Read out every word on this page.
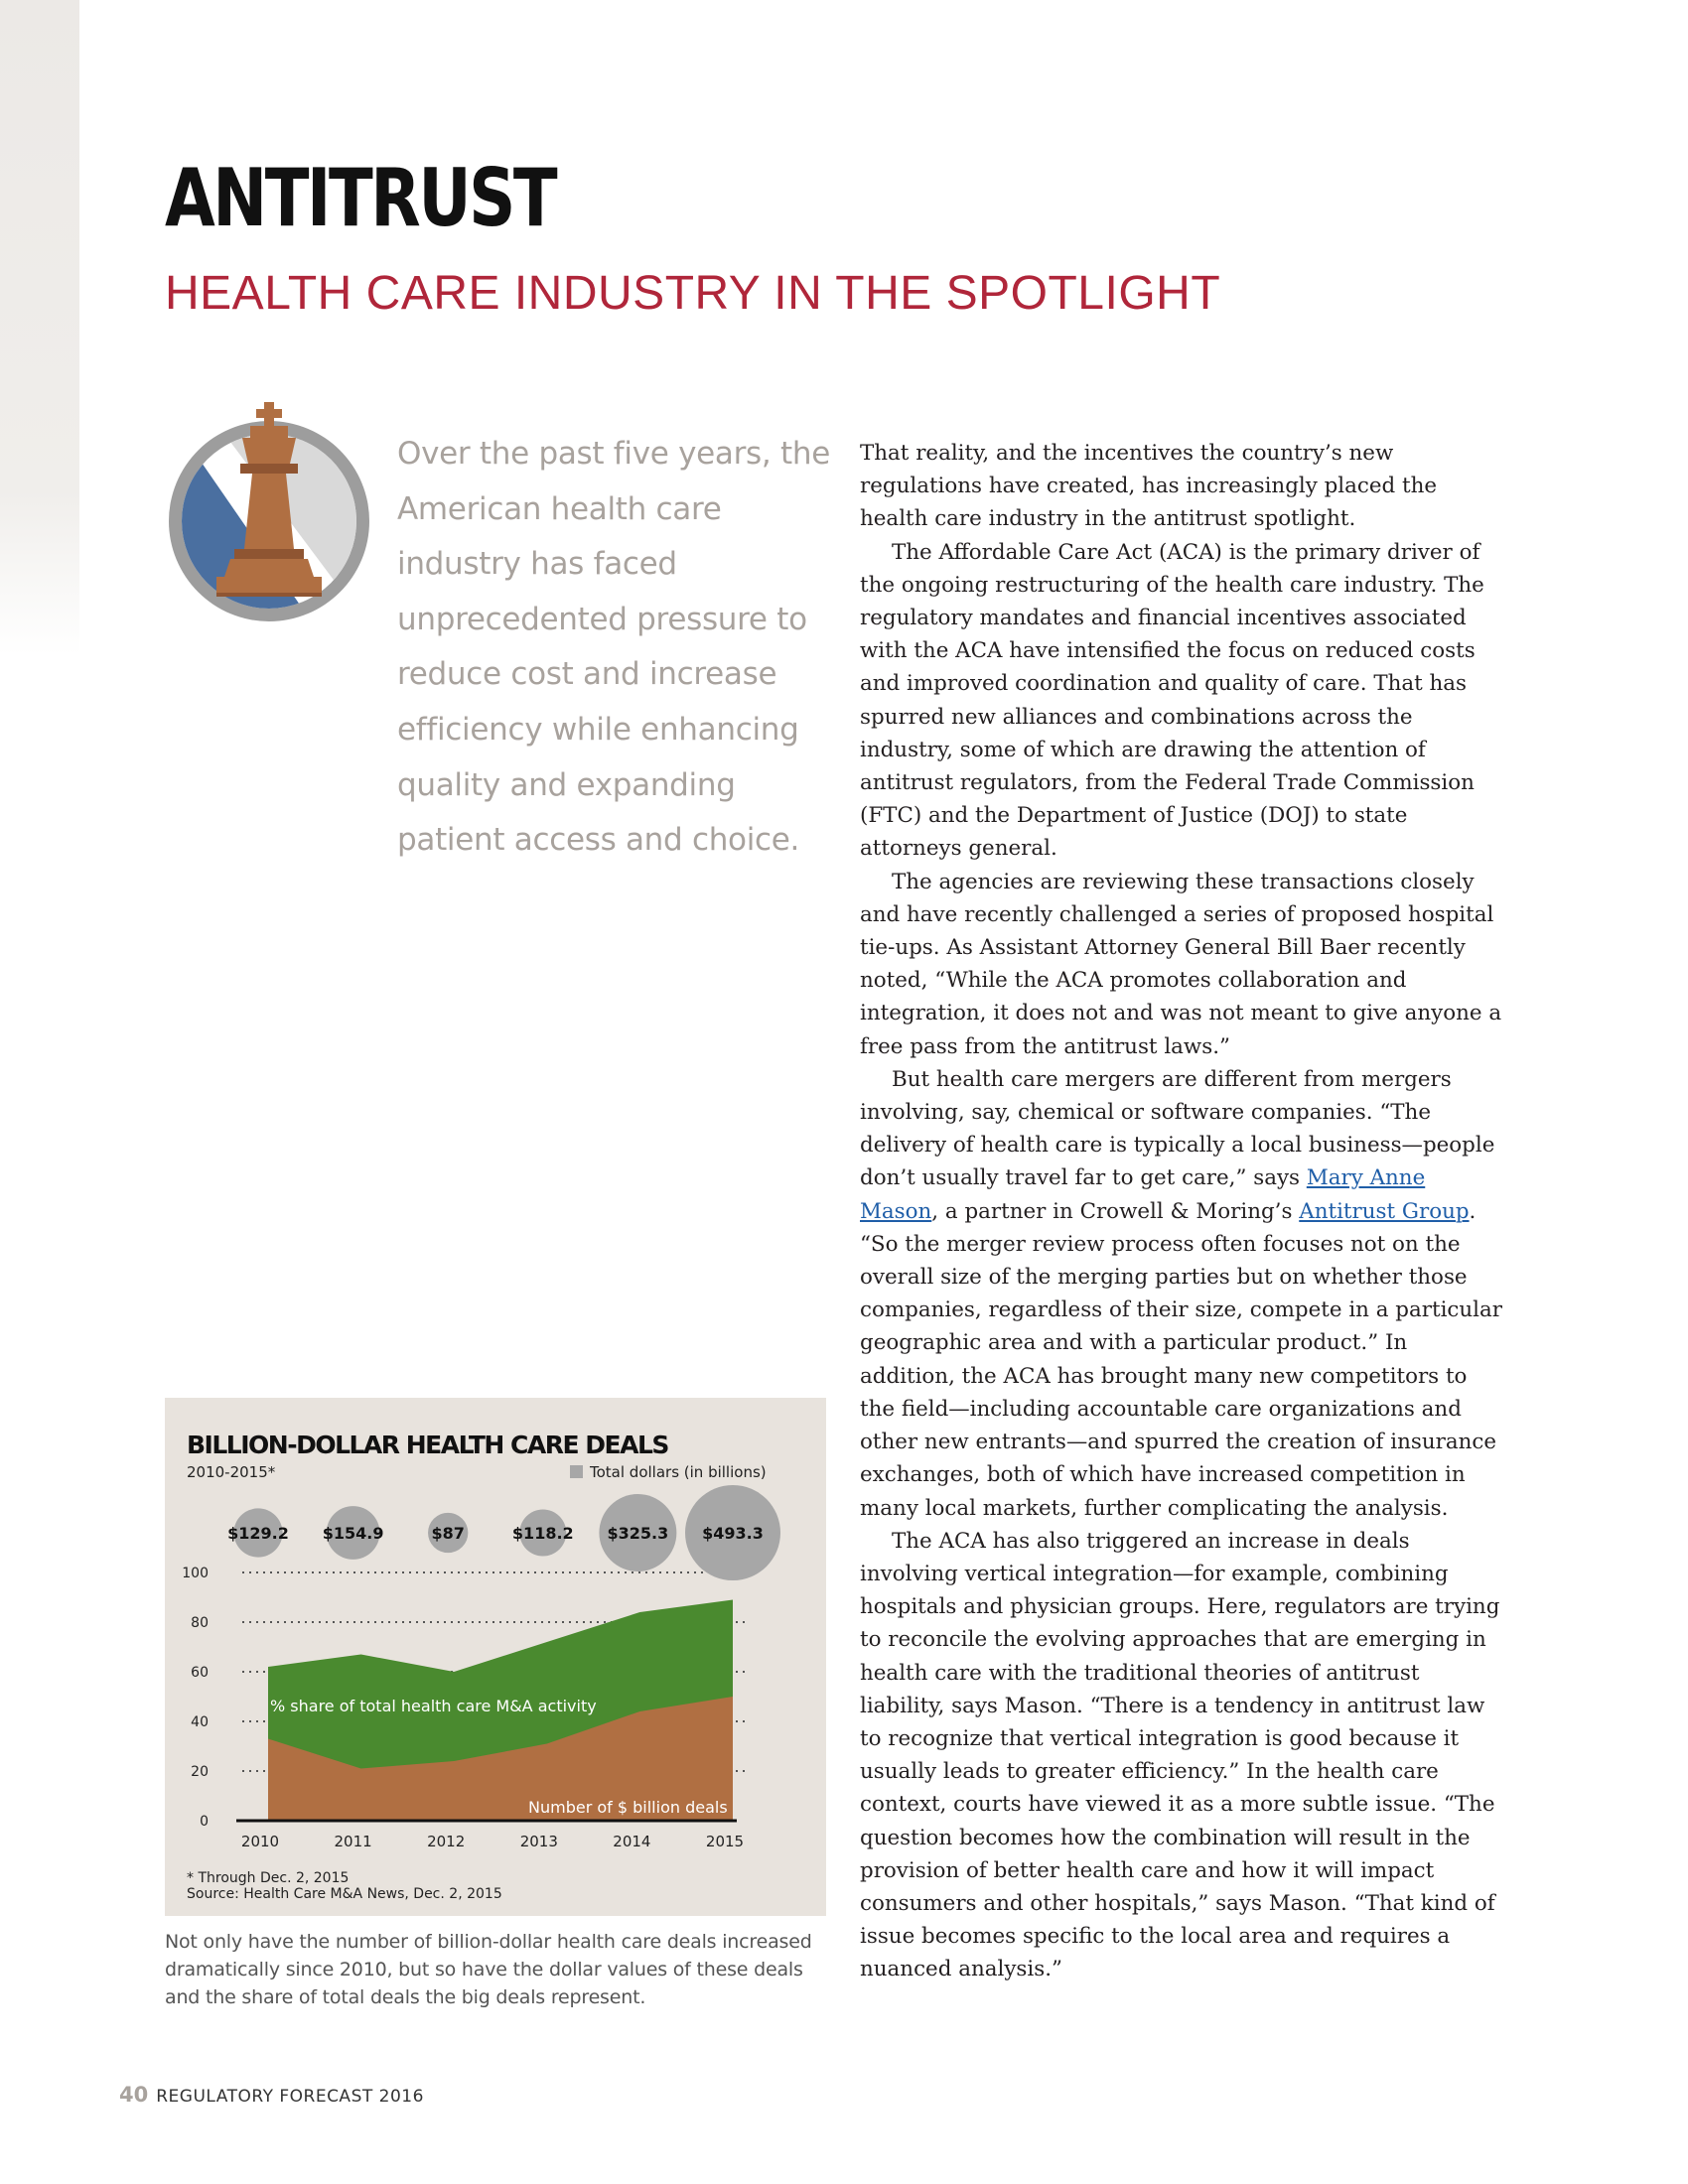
ANTITRUST
HEALTH CARE INDUSTRY IN THE SPOTLIGHT

Over the past five years, the American health care industry has faced unprecedented pressure to reduce cost and increase efficiency while enhancing quality and expanding patient access and choice.

That reality, and the incentives the country’s new regulations have created, has increasingly placed the health care industry in the antitrust spotlight.

The Affordable Care Act (ACA) is the primary driver of the ongoing restructuring of the health care industry. The regulatory mandates and financial incentives associated with the ACA have intensified the focus on reduced costs and improved coordination and quality of care. That has spurred new alliances and combinations across the industry, some of which are drawing the attention of antitrust regulators, from the Federal Trade Commission (FTC) and the Department of Justice (DOJ) to state attorneys general.

The agencies are reviewing these transactions closely and have recently challenged a series of proposed hospital tie-ups. As Assistant Attorney General Bill Baer recently noted, “While the ACA promotes collaboration and integration, it does not and was not meant to give anyone a free pass from the antitrust laws.”

But health care mergers are different from mergers involving, say, chemical or software companies. “The delivery of health care is typically a local business—people don’t usually travel far to get care,” says Mary Anne Mason, a partner in Crowell & Moring’s Antitrust Group. “So the merger review process often focuses not on the overall size of the merging parties but on whether those companies, regardless of their size, compete in a particular geographic area and with a particular product.” In addition, the ACA has brought many new competitors to the field—including accountable care organizations and other new entrants—and spurred the creation of insurance exchanges, both of which have increased competition in many local markets, further complicating the analysis.

The ACA has also triggered an increase in deals involving vertical integration—for example, combining hospitals and physician groups. Here, regulators are trying to reconcile the evolving approaches that are emerging in health care with the traditional theories of antitrust liability, says Mason. “There is a tendency in antitrust law to recognize that vertical integration is good because it usually leads to greater efficiency.” In the health care context, courts have viewed it as a more subtle issue. “The question becomes how the combination will result in the provision of better health care and how it will impact consumers and other hospitals,” says Mason. “That kind of issue becomes specific to the local area and requires a nuanced analysis.”

BILLION-DOLLAR HEALTH CARE DEALS
2010-2015*	Total dollars (in billions)
$129.2 $154.9	$87	$118.2 $325.3 $493.3
0
20
40
60
80
100
2010	2011	2012	2013	2014	2015
% share of total health care M&A activity
Number of $ billion deals
* Through Dec. 2, 2015
Source: Health Care M&A News, Dec. 2, 2015

Not only have the number of billion-dollar health care deals increased dramatically since 2010, but so have the dollar values of these deals and the share of total deals the big deals represent.

40 REGULATORY FORECAST 2016
